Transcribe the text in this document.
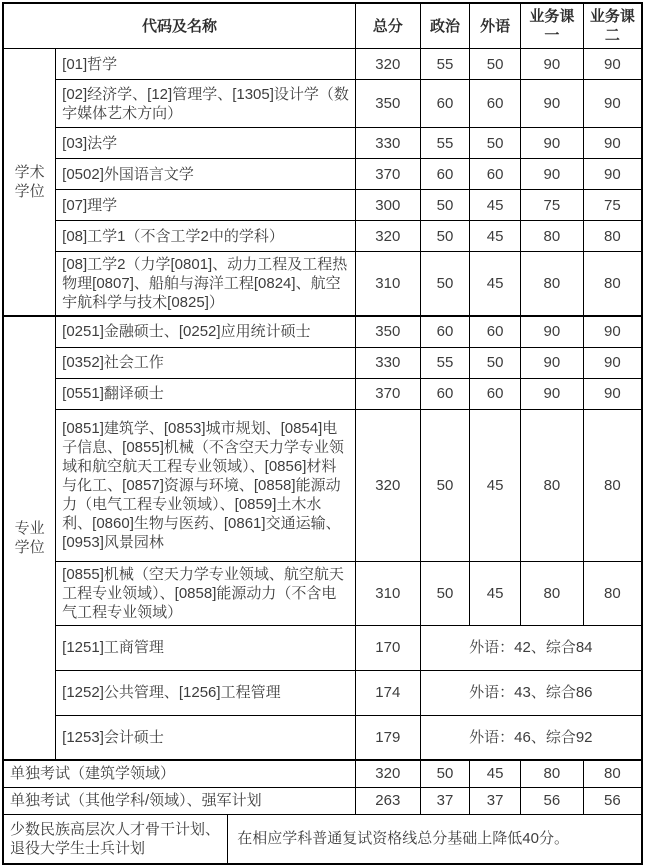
代码及名称			总分	政治	外语	业务课一	业务课二
学术学位	[01]哲学		320	55	50	90	90
	[02]经济学、[12]管理学、[1305]设计学（数字媒体艺术方向）		350	60	60	90	90
	[03]法学		330	55	50	90	90
	[0502]外国语言文学		370	60	60	90	90
	[07]理学		300	50	45	75	75
	[08]工学1（不含工学2中的学科）		320	50	45	80	80
	[08]工学2（力学[0801]、动力工程及工程热物理[0807]、船舶与海洋工程[0824]、航空宇航科学与技术[0825]）		310	50	45	80	80
专业学位	[0251]金融硕士、[0252]应用统计硕士		350	60	60	90	90
	[0352]社会工作		330	55	50	90	90
	[0551]翻译硕士		370	60	60	90	90
	[0851]建筑学、[0853]城市规划、[0854]电子信息、[0855]机械（不含空天力学专业领域和航空航天工程专业领域）、[0856]材料与化工、[0857]资源与环境、[0858]能源动力（电气工程专业领域）、[0859]土木水利、[0860]生物与医药、[0861]交通运输、[0953]风景园林		320	50	45	80	80
	[0855]机械（空天力学专业领域、航空航天工程专业领域）、[0858]能源动力（不含电气工程专业领域）		310	50	45	80	80
	[1251]工商管理		170	外语：42、综合84			
	[1252]公共管理、[1256]工程管理		174	外语：43、综合86			
	[1253]会计硕士		179	外语：46、综合92			
单独考试（建筑学领域）			320	50	45	80	80
单独考试（其他学科/领域）、强军计划			263	37	37	56	56
少数民族高层次人才骨干计划、退役大学生士兵计划		在相应学科普通复试资格线总分基础上降低40分。					
